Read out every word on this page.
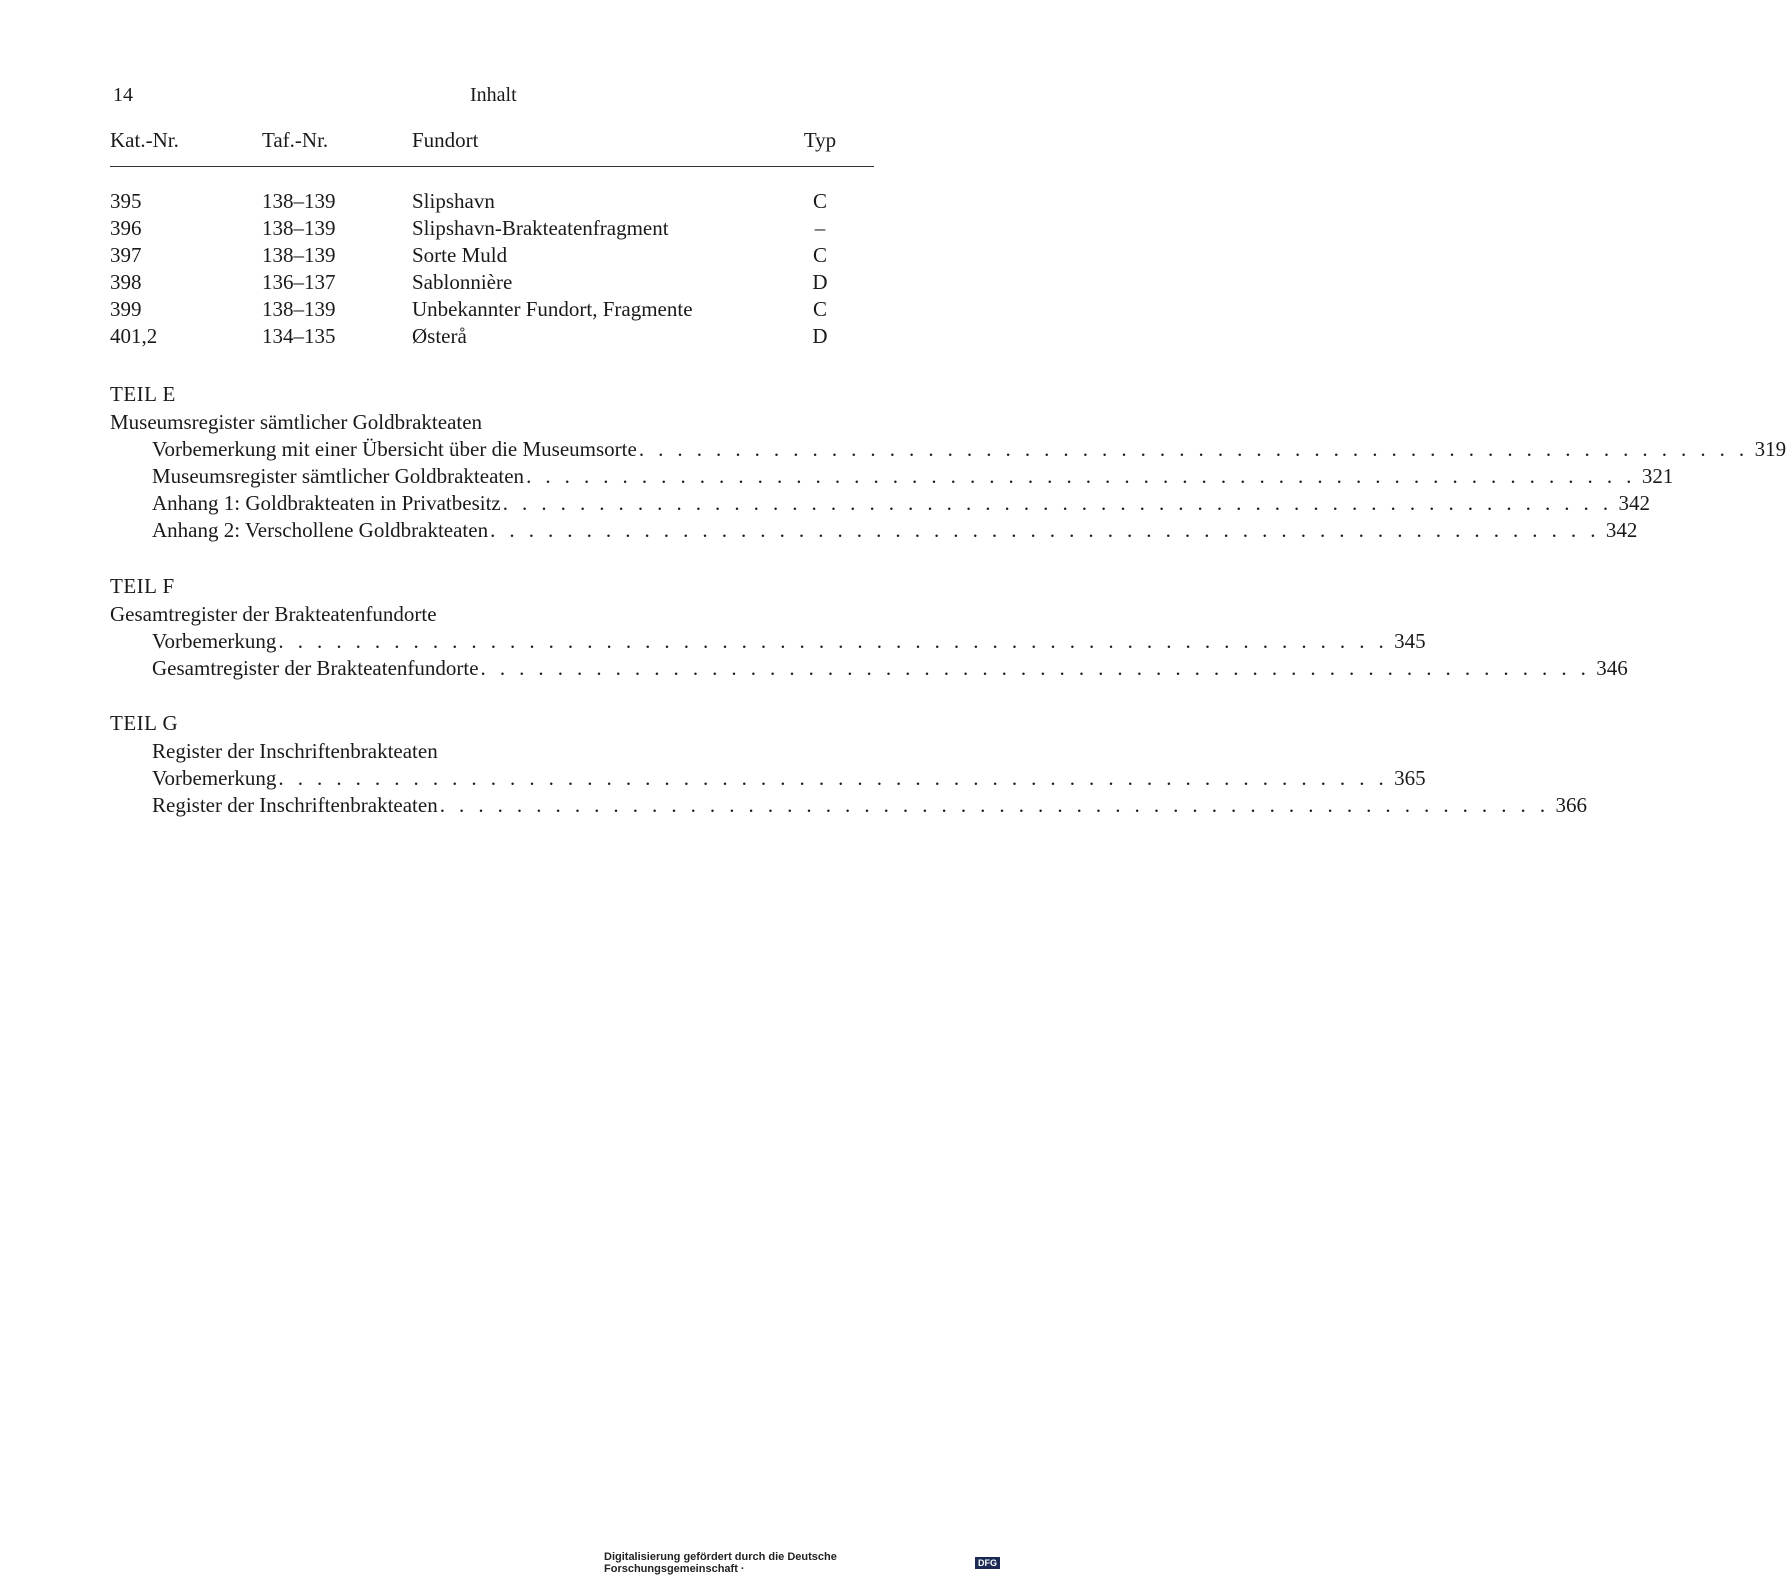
14	Inhalt
Kat.-Nr.	Taf.-Nr.	Fundort	Typ
395	138–139	Slipshavn	C
396	138–139	Slipshavn-Brakteatenfragment	–
397	138–139	Sorte Muld	C
398	136–137	Sablonnière	D
399	138–139	Unbekannter Fundort, Fragmente	C
401,2	134–135	Østerå	D
TEIL E
Museumsregister sämtlicher Goldbrakteaten
Vorbemerkung mit einer Übersicht über die Museumsorte . . . . . . . . . . . . . . . . . . . . . . . . . . . . . . . . . . . . . . . . . . . . . . . . . . . . . . . . . . 319
Museumsregister sämtlicher Goldbrakteaten . . . . . . . . . . . . . . . . . . . . . . . . . . . . . . . . . . . . . . . . . . . . . . . . . . . . . . . . . . 321
Anhang 1: Goldbrakteaten in Privatbesitz . . . . . . . . . . . . . . . . . . . . . . . . . . . . . . . . . . . . . . . . . . . . . . . . . . . . . . . . . . 342
Anhang 2: Verschollene Goldbrakteaten . . . . . . . . . . . . . . . . . . . . . . . . . . . . . . . . . . . . . . . . . . . . . . . . . . . . . . . . . . 342
TEIL F
Gesamtregister der Brakteatenfundorte
Vorbemerkung . . . . . . . . . . . . . . . . . . . . . . . . . . . . . . . . . . . . . . . . . . . . . . . . . . . . . . . . . . 345
Gesamtregister der Brakteatenfundorte . . . . . . . . . . . . . . . . . . . . . . . . . . . . . . . . . . . . . . . . . . . . . . . . . . . . . . . . . . 346
TEIL G
Register der Inschriftenbrakteaten
Vorbemerkung . . . . . . . . . . . . . . . . . . . . . . . . . . . . . . . . . . . . . . . . . . . . . . . . . . . . . . . . . . 365
Register der Inschriftenbrakteaten . . . . . . . . . . . . . . . . . . . . . . . . . . . . . . . . . . . . . . . . . . . . . . . . . . . . . . . . . . 366
Digitalisierung gefördert durch die Deutsche Forschungsgemeinschaft ·	DFG
